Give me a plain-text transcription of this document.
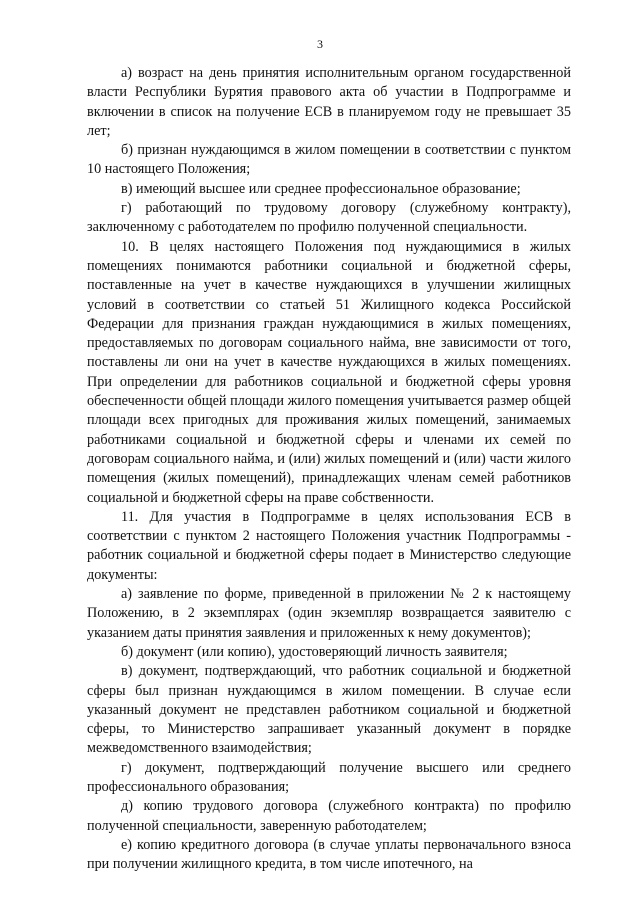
3

а) возраст на день принятия исполнительным органом государственной власти Республики Бурятия правового акта об участии в Подпрограмме и включении в список на получение ЕСВ в планируемом году не превышает 35 лет;

б) признан нуждающимся в жилом помещении в соответствии с пунктом 10 настоящего Положения;

в) имеющий высшее или среднее профессиональное образование;

г) работающий по трудовому договору (служебному контракту), заключенному с работодателем по профилю полученной специальности.

10. В целях настоящего Положения под нуждающимися в жилых помещениях понимаются работники социальной и бюджетной сферы, поставленные на учет в качестве нуждающихся в улучшении жилищных условий в соответствии со статьей 51 Жилищного кодекса Российской Федерации для признания граждан нуждающимися в жилых помещениях, предоставляемых по договорам социального найма, вне зависимости от того, поставлены ли они на учет в качестве нуждающихся в жилых помещениях. При определении для работников социальной и бюджетной сферы уровня обеспеченности общей площади жилого помещения учитывается размер общей площади всех пригодных для проживания жилых помещений, занимаемых работниками социальной и бюджетной сферы и членами их семей по договорам социального найма, и (или) жилых помещений и (или) части жилого помещения (жилых помещений), принадлежащих членам семей работников социальной и бюджетной сферы на праве собственности.

11. Для участия в Подпрограмме в целях использования ЕСВ в соответствии с пунктом 2 настоящего Положения участник Подпрограммы - работник социальной и бюджетной сферы подает в Министерство следующие документы:

а) заявление по форме, приведенной в приложении № 2 к настоящему Положению, в 2 экземплярах (один экземпляр возвращается заявителю с указанием даты принятия заявления и приложенных к нему документов);

б) документ (или копию), удостоверяющий личность заявителя;

в) документ, подтверждающий, что работник социальной и бюджетной сферы был признан нуждающимся в жилом помещении. В случае если указанный документ не представлен работником социальной и бюджетной сферы, то Министерство запрашивает указанный документ в порядке межведомственного взаимодействия;

г) документ, подтверждающий получение высшего или среднего профессионального образования;

д) копию трудового договора (служебного контракта) по профилю полученной специальности, заверенную работодателем;

е) копию кредитного договора (в случае уплаты первоначального взноса при получении жилищного кредита, в том числе ипотечного, на
